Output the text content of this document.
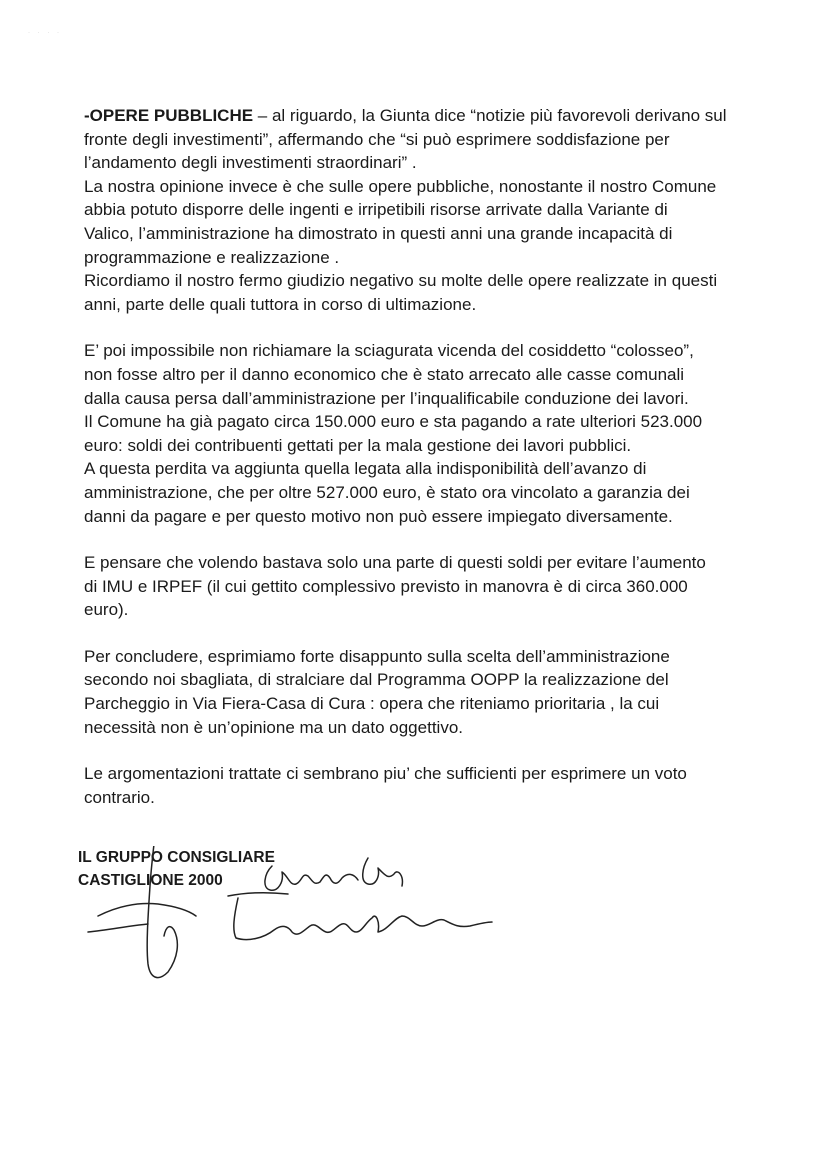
· · · ·

-OPERE PUBBLICHE – al riguardo, la Giunta dice “notizie più favorevoli derivano sul
fronte degli investimenti”, affermando che “si può esprimere soddisfazione per
l’andamento degli investimenti straordinari” .
La nostra opinione invece è che sulle opere pubbliche, nonostante il nostro Comune
abbia potuto disporre delle ingenti e irripetibili risorse arrivate dalla Variante di
Valico, l’amministrazione ha dimostrato in questi anni una grande incapacità di
programmazione e realizzazione .
Ricordiamo il nostro fermo giudizio negativo su molte delle opere realizzate in questi
anni, parte delle quali tuttora in corso di ultimazione.

E’ poi impossibile non richiamare la sciagurata vicenda del cosiddetto “colosseo”,
non fosse altro per il danno economico che è stato arrecato alle casse comunali
dalla causa persa dall’amministrazione per l’inqualificabile conduzione dei lavori.
Il Comune ha già pagato circa 150.000 euro e sta pagando a rate ulteriori 523.000
euro: soldi dei contribuenti gettati per la mala gestione dei lavori pubblici.
A questa perdita va aggiunta quella legata alla indisponibilità dell’avanzo di
amministrazione, che per oltre 527.000 euro, è stato ora vincolato a garanzia dei
danni da pagare e per questo motivo non può essere impiegato diversamente.

E pensare che volendo bastava solo una parte di questi soldi per evitare l’aumento
di IMU e IRPEF (il cui gettito complessivo previsto in manovra è di circa 360.000
euro).

Per concludere, esprimiamo forte disappunto sulla scelta dell’amministrazione
secondo noi sbagliata, di stralciare dal Programma OOPP la realizzazione del
Parcheggio in Via Fiera-Casa di Cura : opera che riteniamo prioritaria , la cui
necessità non è un’opinione ma un dato oggettivo.

Le argomentazioni trattate ci sembrano piu’ che sufficienti per esprimere un voto
contrario.

IL GRUPPO CONSIGLIARE
CASTIGLIONE 2000
